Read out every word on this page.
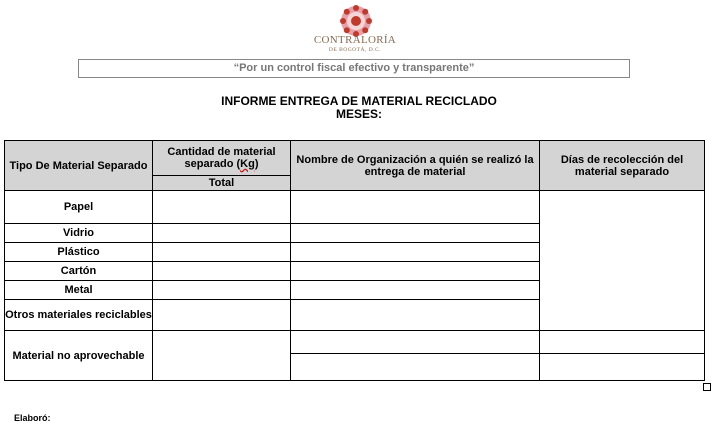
CONTRALORÍA
DE BOGOTÁ, D.C.
“Por un control fiscal efectivo y transparente”
INFORME ENTREGA DE MATERIAL RECICLADO
MESES:
Tipo De Material Separado	Cantidad de material separado (Kg)	Nombre de Organización a quién se realizó la entrega de material	Días de recolección del material separado
	Total		
Papel			
Vidrio			
Plástico			
Cartón			
Metal			
Otros materiales reciclables			
Material no aprovechable			

Elaboró:
